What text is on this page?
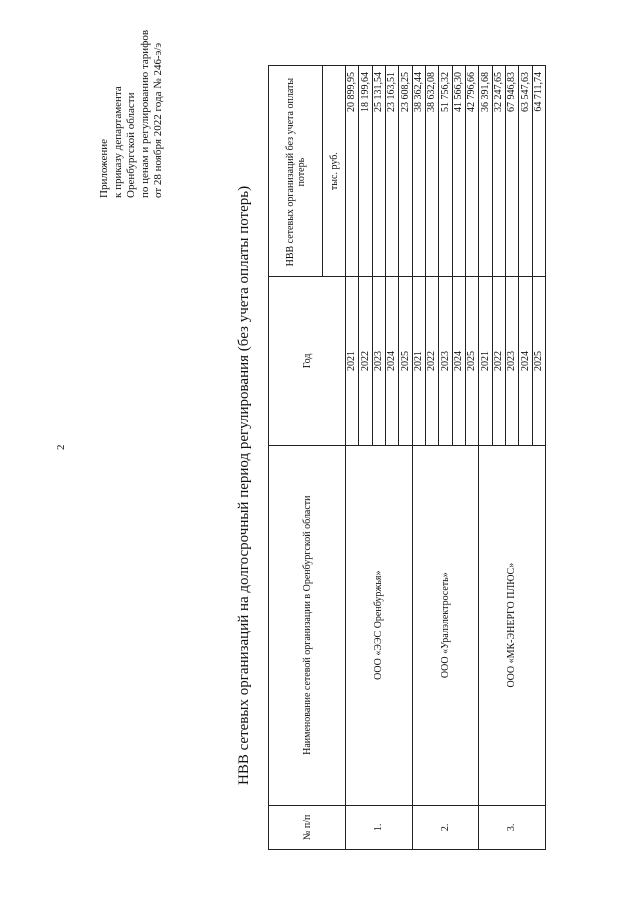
2
Приложение к приказу департамента Оренбургской области по ценам и регулированию тарифов от 28 ноября 2022 года № 246-э/э
НВВ сетевых организаций на долгосрочный период регулирования (без учета оплаты потерь)
№ п/п	Наименование сетевой организации в Оренбургской области	Год	НВВ сетевых организаций без учета оплаты потерь
			тыс. руб.
1.	ООО «ЭЭС Оренбуржья»	2021	20 899,95
		2022	18 199,64
		2023	25 131,54
		2024	23 163,51
		2025	23 608,25
2.	ООО «Уралэлектросеть»	2021	38 362,44
		2022	38 632,08
		2023	51 756,32
		2024	41 566,30
		2025	42 796,66
3.	ООО «МК-ЭНЕРГО ПЛЮС»	2021	36 391,68
		2022	32 247,65
		2023	67 946,83
		2024	63 547,63
		2025	64 711,74
